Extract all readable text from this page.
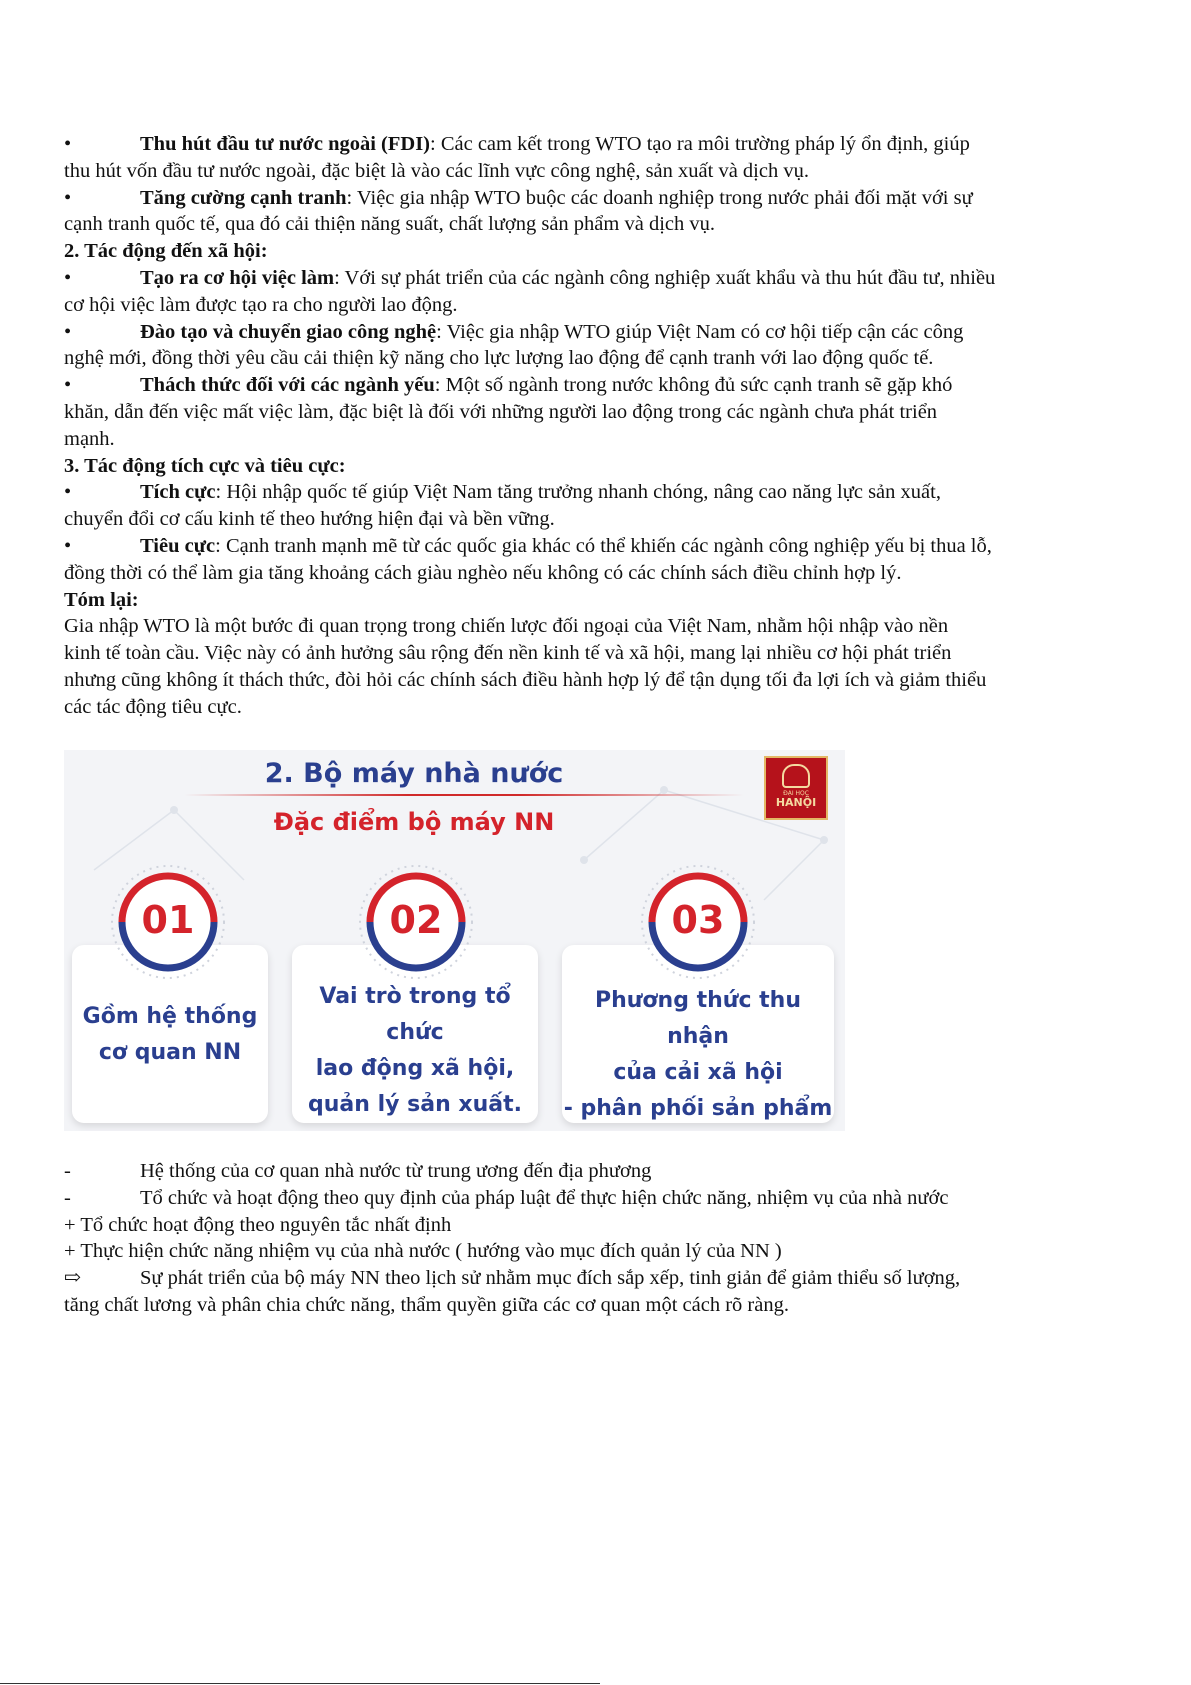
•	Thu hút đầu tư nước ngoài (FDI): Các cam kết trong WTO tạo ra môi trường pháp lý ổn định, giúp
thu hút vốn đầu tư nước ngoài, đặc biệt là vào các lĩnh vực công nghệ, sản xuất và dịch vụ.

•	Tăng cường cạnh tranh: Việc gia nhập WTO buộc các doanh nghiệp trong nước phải đối mặt với sự
cạnh tranh quốc tế, qua đó cải thiện năng suất, chất lượng sản phẩm và dịch vụ.

2. Tác động đến xã hội:

•	Tạo ra cơ hội việc làm: Với sự phát triển của các ngành công nghiệp xuất khẩu và thu hút đầu tư, nhiều
cơ hội việc làm được tạo ra cho người lao động.

•	Đào tạo và chuyển giao công nghệ: Việc gia nhập WTO giúp Việt Nam có cơ hội tiếp cận các công
nghệ mới, đồng thời yêu cầu cải thiện kỹ năng cho lực lượng lao động để cạnh tranh với lao động quốc tế.

•	Thách thức đối với các ngành yếu: Một số ngành trong nước không đủ sức cạnh tranh sẽ gặp khó
khăn, dẫn đến việc mất việc làm, đặc biệt là đối với những người lao động trong các ngành chưa phát triển
mạnh.

3. Tác động tích cực và tiêu cực:

•	Tích cực: Hội nhập quốc tế giúp Việt Nam tăng trưởng nhanh chóng, nâng cao năng lực sản xuất,
chuyển đổi cơ cấu kinh tế theo hướng hiện đại và bền vững.

•	Tiêu cực: Cạnh tranh mạnh mẽ từ các quốc gia khác có thể khiến các ngành công nghiệp yếu bị thua lỗ,
đồng thời có thể làm gia tăng khoảng cách giàu nghèo nếu không có các chính sách điều chỉnh hợp lý.

Tóm lại:

Gia nhập WTO là một bước đi quan trọng trong chiến lược đối ngoại của Việt Nam, nhằm hội nhập vào nền
kinh tế toàn cầu. Việc này có ảnh hưởng sâu rộng đến nền kinh tế và xã hội, mang lại nhiều cơ hội phát triển
nhưng cũng không ít thách thức, đòi hỏi các chính sách điều hành hợp lý để tận dụng tối đa lợi ích và giảm thiểu
các tác động tiêu cực.

2. Bộ máy nhà nước
Đặc điểm bộ máy NN
ĐẠI HỌC
HANỘI
Gồm hệ thống
cơ quan NN
Vai trò trong tổ chức
lao động xã hội,
quản lý sản xuất.
Phương thức thu nhận
của cải xã hội
- phân phối sản phẩm
01	02	03

-	Hệ thống của cơ quan nhà nước từ trung ương đến địa phương

-	Tổ chức và hoạt động theo quy định của pháp luật để thực hiện chức năng, nhiệm vụ của nhà nước

+ Tổ chức hoạt động theo nguyên tắc nhất định

+ Thực hiện chức năng nhiệm vụ của nhà nước ( hướng vào mục đích quản lý của NN )

⇨	Sự phát triển của bộ máy NN theo lịch sử nhằm mục đích sắp xếp, tinh giản để giảm thiểu số lượng,
tăng chất lương và phân chia chức năng, thẩm quyền giữa các cơ quan một cách rõ ràng.
